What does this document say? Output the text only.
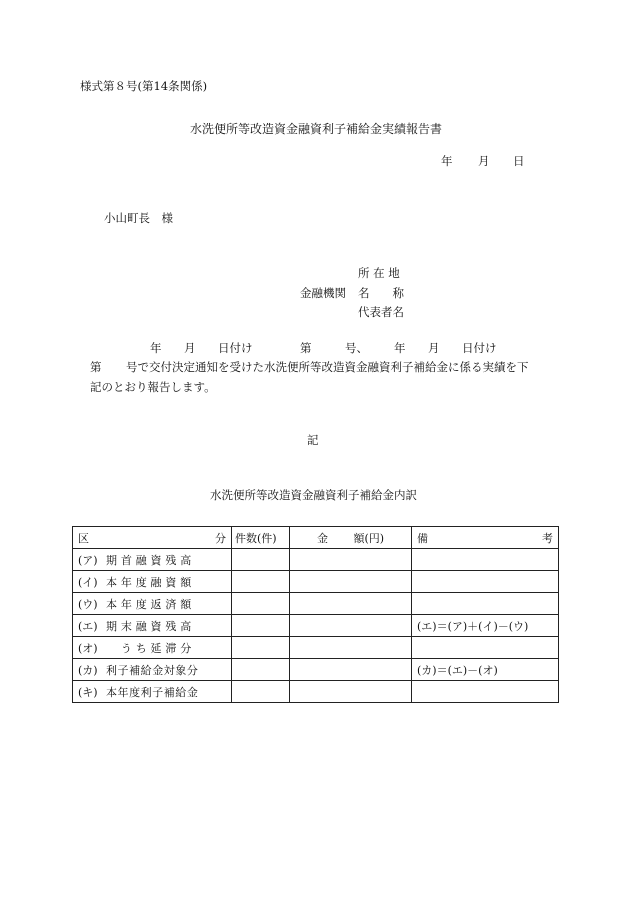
様式第８号(第14条関係)
水洗便所等改造資金融資利子補給金実績報告書
年 月 日
小山町長　様
所 在 地
金融機関 名　　称
代表者名
年 月 日付け	第	号、 年 月 日付け
第 号で交付決定通知を受けた水洗便所等改造資金融資利子補給金に係る実績を下
記のとおり報告します。
記
水洗便所等改造資金融資利子補給金内訳
区 分	件数(件)	金 額(円)	備 考

(ア) 期首融資残高			

(イ) 本年度融資額			

(ウ) 本年度返済額			

(エ) 期末融資残高			(エ)＝(ア)＋(イ)－(ウ)

(オ) 　うち延滞分			

(カ) 利子補給金対象分			(カ)＝(エ)－(オ)

(キ) 本年度利子補給金			
